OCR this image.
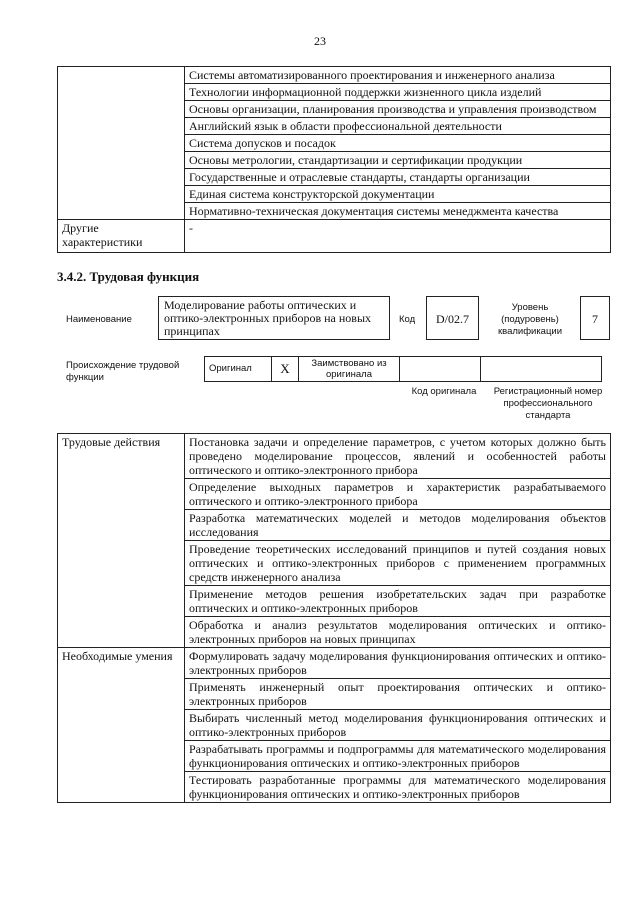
23
	Системы автоматизированного проектирования и инженерного анализа
	Технологии информационной поддержки жизненного цикла изделий
	Основы организации, планирования производства и управления производством
	Английский язык в области профессиональной деятельности
	Система допусков и посадок
	Основы метрологии, стандартизации и сертификации продукции
	Государственные и отраслевые стандарты, стандарты организации
	Единая система конструкторской документации
	Нормативно-техническая документация системы менеджмента качества
Другие характеристики	-
3.4.2. Трудовая функция
Наименование
Моделирование работы оптических и оптико-электронных приборов на новых принципах
Код	D/02.7
Уровень (подуровень) квалификации
7
Происхождение трудовой функции
Оригинал	X	Заимствовано из оригинала		
Код оригинала	Регистрационный номер профессионального стандарта
Трудовые действия	Постановка задачи и определение параметров, с учетом которых должно быть проведено моделирование процессов, явлений и особенностей работы оптического и оптико-электронного прибора
	Определение выходных параметров и характеристик разрабатываемого оптического и оптико-электронного прибора
	Разработка математических моделей и методов моделирования объектов исследования
	Проведение теоретических исследований принципов и путей создания новых оптических и оптико-электронных приборов с применением программных средств инженерного анализа
	Применение методов решения изобретательских задач при разработке оптических и оптико-электронных приборов
	Обработка и анализ результатов моделирования оптических и оптико-электронных приборов на новых принципах
Необходимые умения	Формулировать задачу моделирования функционирования оптических и оптико-электронных приборов
	Применять инженерный опыт проектирования оптических и оптико-электронных приборов
	Выбирать численный метод моделирования функционирования оптических и оптико-электронных приборов
	Разрабатывать программы и подпрограммы для математического моделирования функционирования оптических и оптико-электронных приборов
	Тестировать разработанные программы для математического моделирования функционирования оптических и оптико-электронных приборов
